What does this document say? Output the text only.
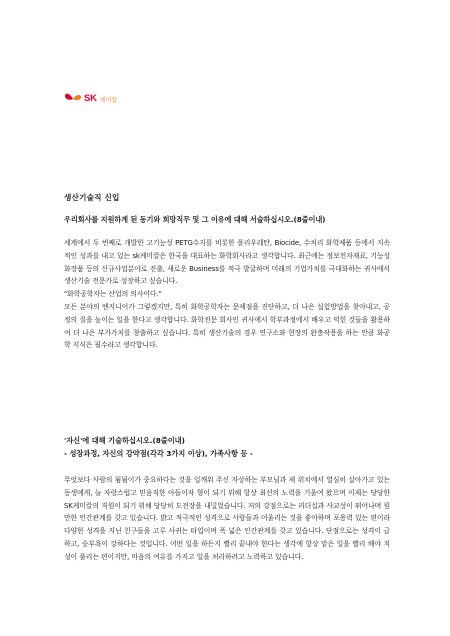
SK 케미칼
생산기술직 신입
우리회사를 지원하게 된 동기와 희망직무 및 그 이유에 대해 서술하십시오.(8줄이내)

세계에서 두 번째로 개발한 고기능성 PETG수지를 비롯한 폴리우레탄, Biocide, 수처리 화학제품 등에서 지속적인 성과를 내고 있는 sk케미칼은 한국을 대표하는 화학회사라고 생각합니다. 최근에는 정보전자재료, 기능성화장품 등의 신규사업분야로 진출, 새로운 Business를 적극 발굴하며 미래의 기업가치를 극대화하는 귀사에서 생산기술 전문가로 성장하고 싶습니다.

"화학공학자는 산업의 의사이다."

모든 분야의 엔지니어가 그렇겠지만, 특히 화학공학자는 문제점을 진단하고, 더 나은 실험방법을 찾아내고, 공정의 질을 높이는 일을 한다고 생각합니다. 화학전문 회사인 귀사에서 학부과정에서 배우고 익힌 것들을 활용하여 더 나은 부가가치를 창출하고 싶습니다. 특히 생산기술의 경우 연구소와 현장의 완충작용을 하는 만큼 화공학 지식은 필수라고 생각합니다.

'자신'에 대해 기술하십시오.(8줄이내)
- 성장과정, 자신의 강약점(각각 3가지 이상), 가족사항 등 -

무엇보다 사람의 됨됨이가 중요하다는 것을 일깨워 주신 자상하는 부모님과 제 위치에서 열심히 살아가고 있는 동생에게, 늘 자랑스럽고 믿음직한 아들이자 형이 되기 위해 항상 최선의 노력을 기울여 왔으며 이제는 당당한 SK케미칼의 직원이 되기 위해 당당히 도전장을 내밀었습니다. 저의 강점으로는 리더십과 사교성이 뛰어나며 원만한 인간관계를 갖고 있습니다. 밝고 적극적인 성격으로 사람들과 어울리는 것을 좋아하며 포용력 있는 편이라 다양한 성격을 지닌 친구들을 고루 사귀는 타입이며 폭 넓은 인간관계를 갖고 있습니다. 단점으로는 성격이 급하고, 승부욕이 강하다는 것입니다. 어떤 일을 하든지 빨리 끝내야 한다는 생각에 항상 맡은 일을 빨리 해야 직성이 풀리는 편이지만, 마음의 여유를 가지고 일을 처리하려고 노력하고 있습니다.
